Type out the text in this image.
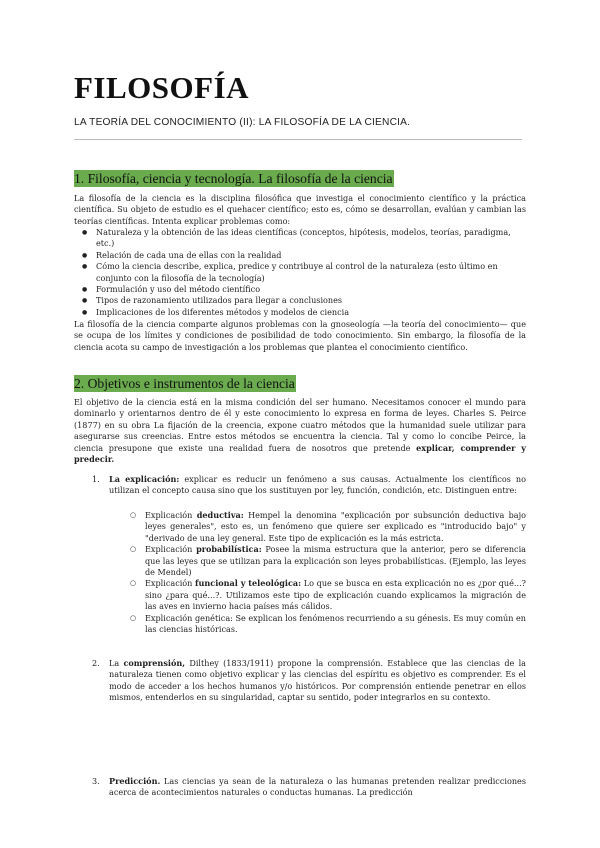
FILOSOFÍA
LA TEORÍA DEL CONOCIMIENTO (II): LA FILOSOFÍA DE LA CIENCIA.
1. Filosofía, ciencia y tecnología. La filosofía de la ciencia
La filosofía de la ciencia es la disciplina filosófica que investiga el conocimiento científico y la práctica científica. Su objeto de estudio es el quehacer científico; esto es, cómo se desarrollan, evalúan y cambian las teorías científicas. Intenta explicar problemas como:
● Naturaleza y la obtención de las ideas científicas (conceptos, hipótesis, modelos, teorías, paradigma, etc.)
● Relación de cada una de ellas con la realidad
● Cómo la ciencia describe, explica, predice y contribuye al control de la naturaleza (esto último en conjunto con la filosofía de la tecnología)
● Formulación y uso del método científico
● Tipos de razonamiento utilizados para llegar a conclusiones
● Implicaciones de los diferentes métodos y modelos de ciencia
La filosofía de la ciencia comparte algunos problemas con la gnoseología —la teoría del conocimiento— que se ocupa de los límites y condiciones de posibilidad de todo conocimiento. Sin embargo, la filosofía de la ciencia acota su campo de investigación a los problemas que plantea el conocimiento científico.
2. Objetivos e instrumentos de la ciencia
El objetivo de la ciencia está en la misma condición del ser humano. Necesitamos conocer el mundo para dominarlo y orientarnos dentro de él y este conocimiento lo expresa en forma de leyes. Charles S. Peirce (1877) en su obra La fijación de la creencia, expone cuatro métodos que la humanidad suele utilizar para asegurarse sus creencias. Entre estos métodos se encuentra la ciencia. Tal y como lo concibe Peirce, la ciencia presupone que existe una realidad fuera de nosotros que pretende explicar, comprender y predecir.
1.	La explicación: explicar es reducir un fenómeno a sus causas. Actualmente los científicos no utilizan el concepto causa sino que los sustituyen por ley, función, condición, etc. Distinguen entre:
○ Explicación deductiva: Hempel la denomina "explicación por subsunción deductiva bajo leyes generales", esto es, un fenómeno que quiere ser explicado es "introducido bajo" y "derivado de una ley general. Este tipo de explicación es la más estricta.
○ Explicación probabilística: Posee la misma estructura que la anterior, pero se diferencia que las leyes que se utilizan para la explicación son leyes probabilísticas. (Ejemplo, las leyes de Mendel)
○ Explicación funcional y teleológica: Lo que se busca en esta explicación no es ¿por qué...? sino ¿para qué...?. Utilizamos este tipo de explicación cuando explicamos la migración de las aves en invierno hacia países más cálidos.
○ Explicación genética: Se explican los fenómenos recurriendo a su génesis. Es muy común en las ciencias históricas.
2.	La comprensión, Dilthey (1833/1911) propone la comprensión. Establece que las ciencias de la naturaleza tienen como objetivo explicar y las ciencias del espíritu es objetivo es comprender. Es el modo de acceder a los hechos humanos y/o históricos. Por comprensión entiende penetrar en ellos mismos, entenderlos en su singularidad, captar su sentido, poder integrarlos en su contexto.
3.	Predicción. Las ciencias ya sean de la naturaleza o las humanas pretenden realizar predicciones acerca de acontecimientos naturales o conductas humanas. La predicción
